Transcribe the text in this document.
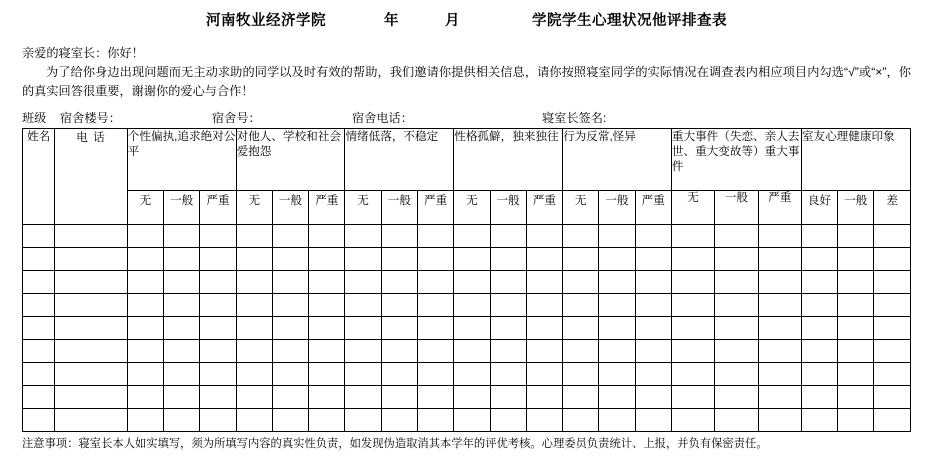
河南牧业经济学院	年	月	学院学生心理状况他评排查表
亲爱的寝室长：你好！
为了给你身边出现问题而无主动求助的同学以及时有效的帮助，我们邀请你提供相关信息，请你按照寝室同学的实际情况在调查表内相应项目内勾选“√”或“×”，你的真实回答很重要，谢谢你的爱心与合作！
班级	宿舍楼号：	宿舍号：	宿舍电话：	寝室长签名:
姓名	电 话	个性偏执,追求绝对公平			对他人、学校和社会爱抱怨			情绪低落，不稳定			性格孤僻，独来独往			行为反常,怪异			重大事件（失恋、亲人去世、重大变故等）重大事件			室友心理健康印象		
		无	一般	严重	无	一般	严重	无	一般	严重	无	一般	严重	无	一般	严重	无	一般	严重	良好	一般	差

注意事项：寝室长本人如实填写，须为所填写内容的真实性负责，如发现伪造取消其本学年的评优考核。心理委员负责统计、上报，并负有保密责任。
